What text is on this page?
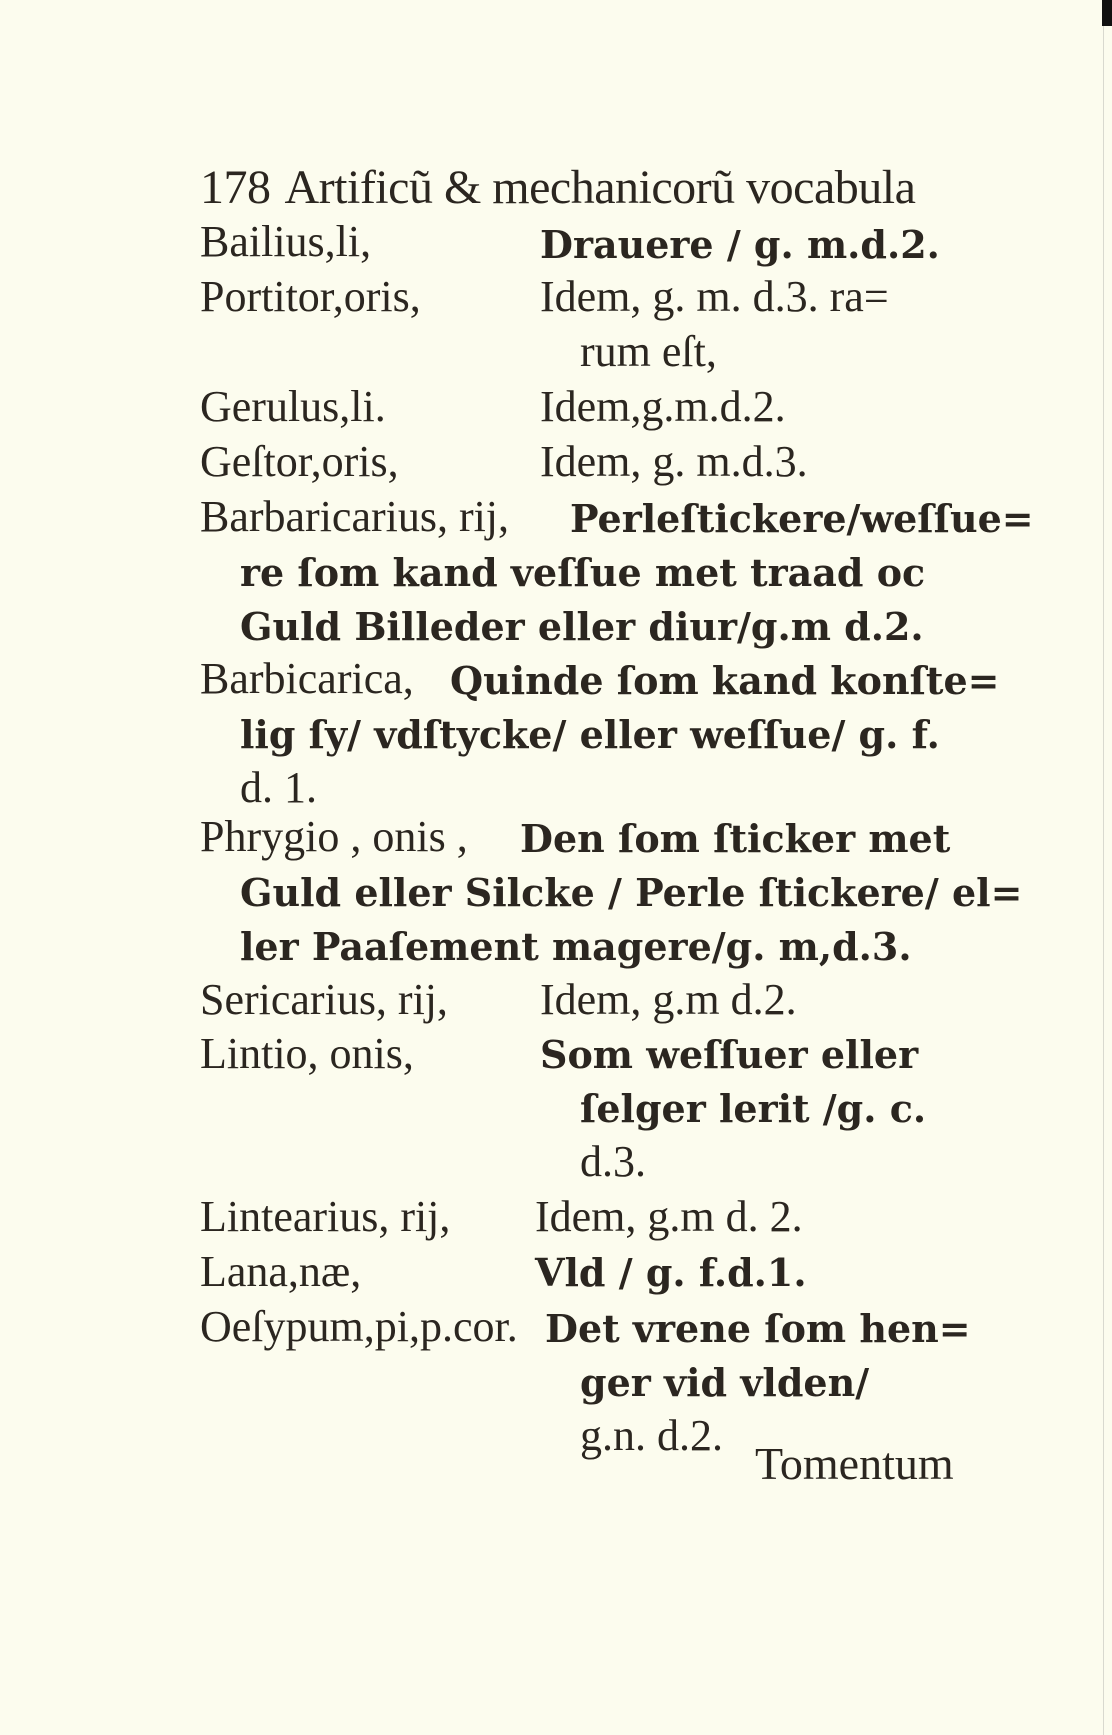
178 Artificũ & mechanicorũ vocabula
Bailius,li,	Drauere / g. m.d.2.
Portitor,oris,	Idem, g. m. d.3. ra=
rum eſt,
Gerulus,li.	Idem,g.m.d.2.
Geſtor,oris,	Idem, g. m.d.3.
Barbaricarius, rĳ, Perleſtickere/weſſue=
re ſom kand veſſue met traad oc
Guld Billeder eller diur/g.m d.2.
Barbicarica, Quinde ſom kand konſte=
lig ſy/ vdſtycke/ eller weſſue/ g. f.
d. 1.
Phrygio , onis , Den ſom ſticker met
Guld eller Silcke / Perle ſtickere/ el=
ler Paaſement magere/g. m,d.3.
Sericarius, rĳ, Idem, g.m d.2.
Lintio, onis,	Som weſſuer eller
ſelger lerit /g. c.
d.3.
Lintearius, rĳ, Idem, g.m d. 2.
Lana,næ,	Vld / g. f.d.1.
Oeſypum,pi,p.cor. Det vrene ſom hen=
ger vid vlden/
g.n. d.2.
Tomentum
